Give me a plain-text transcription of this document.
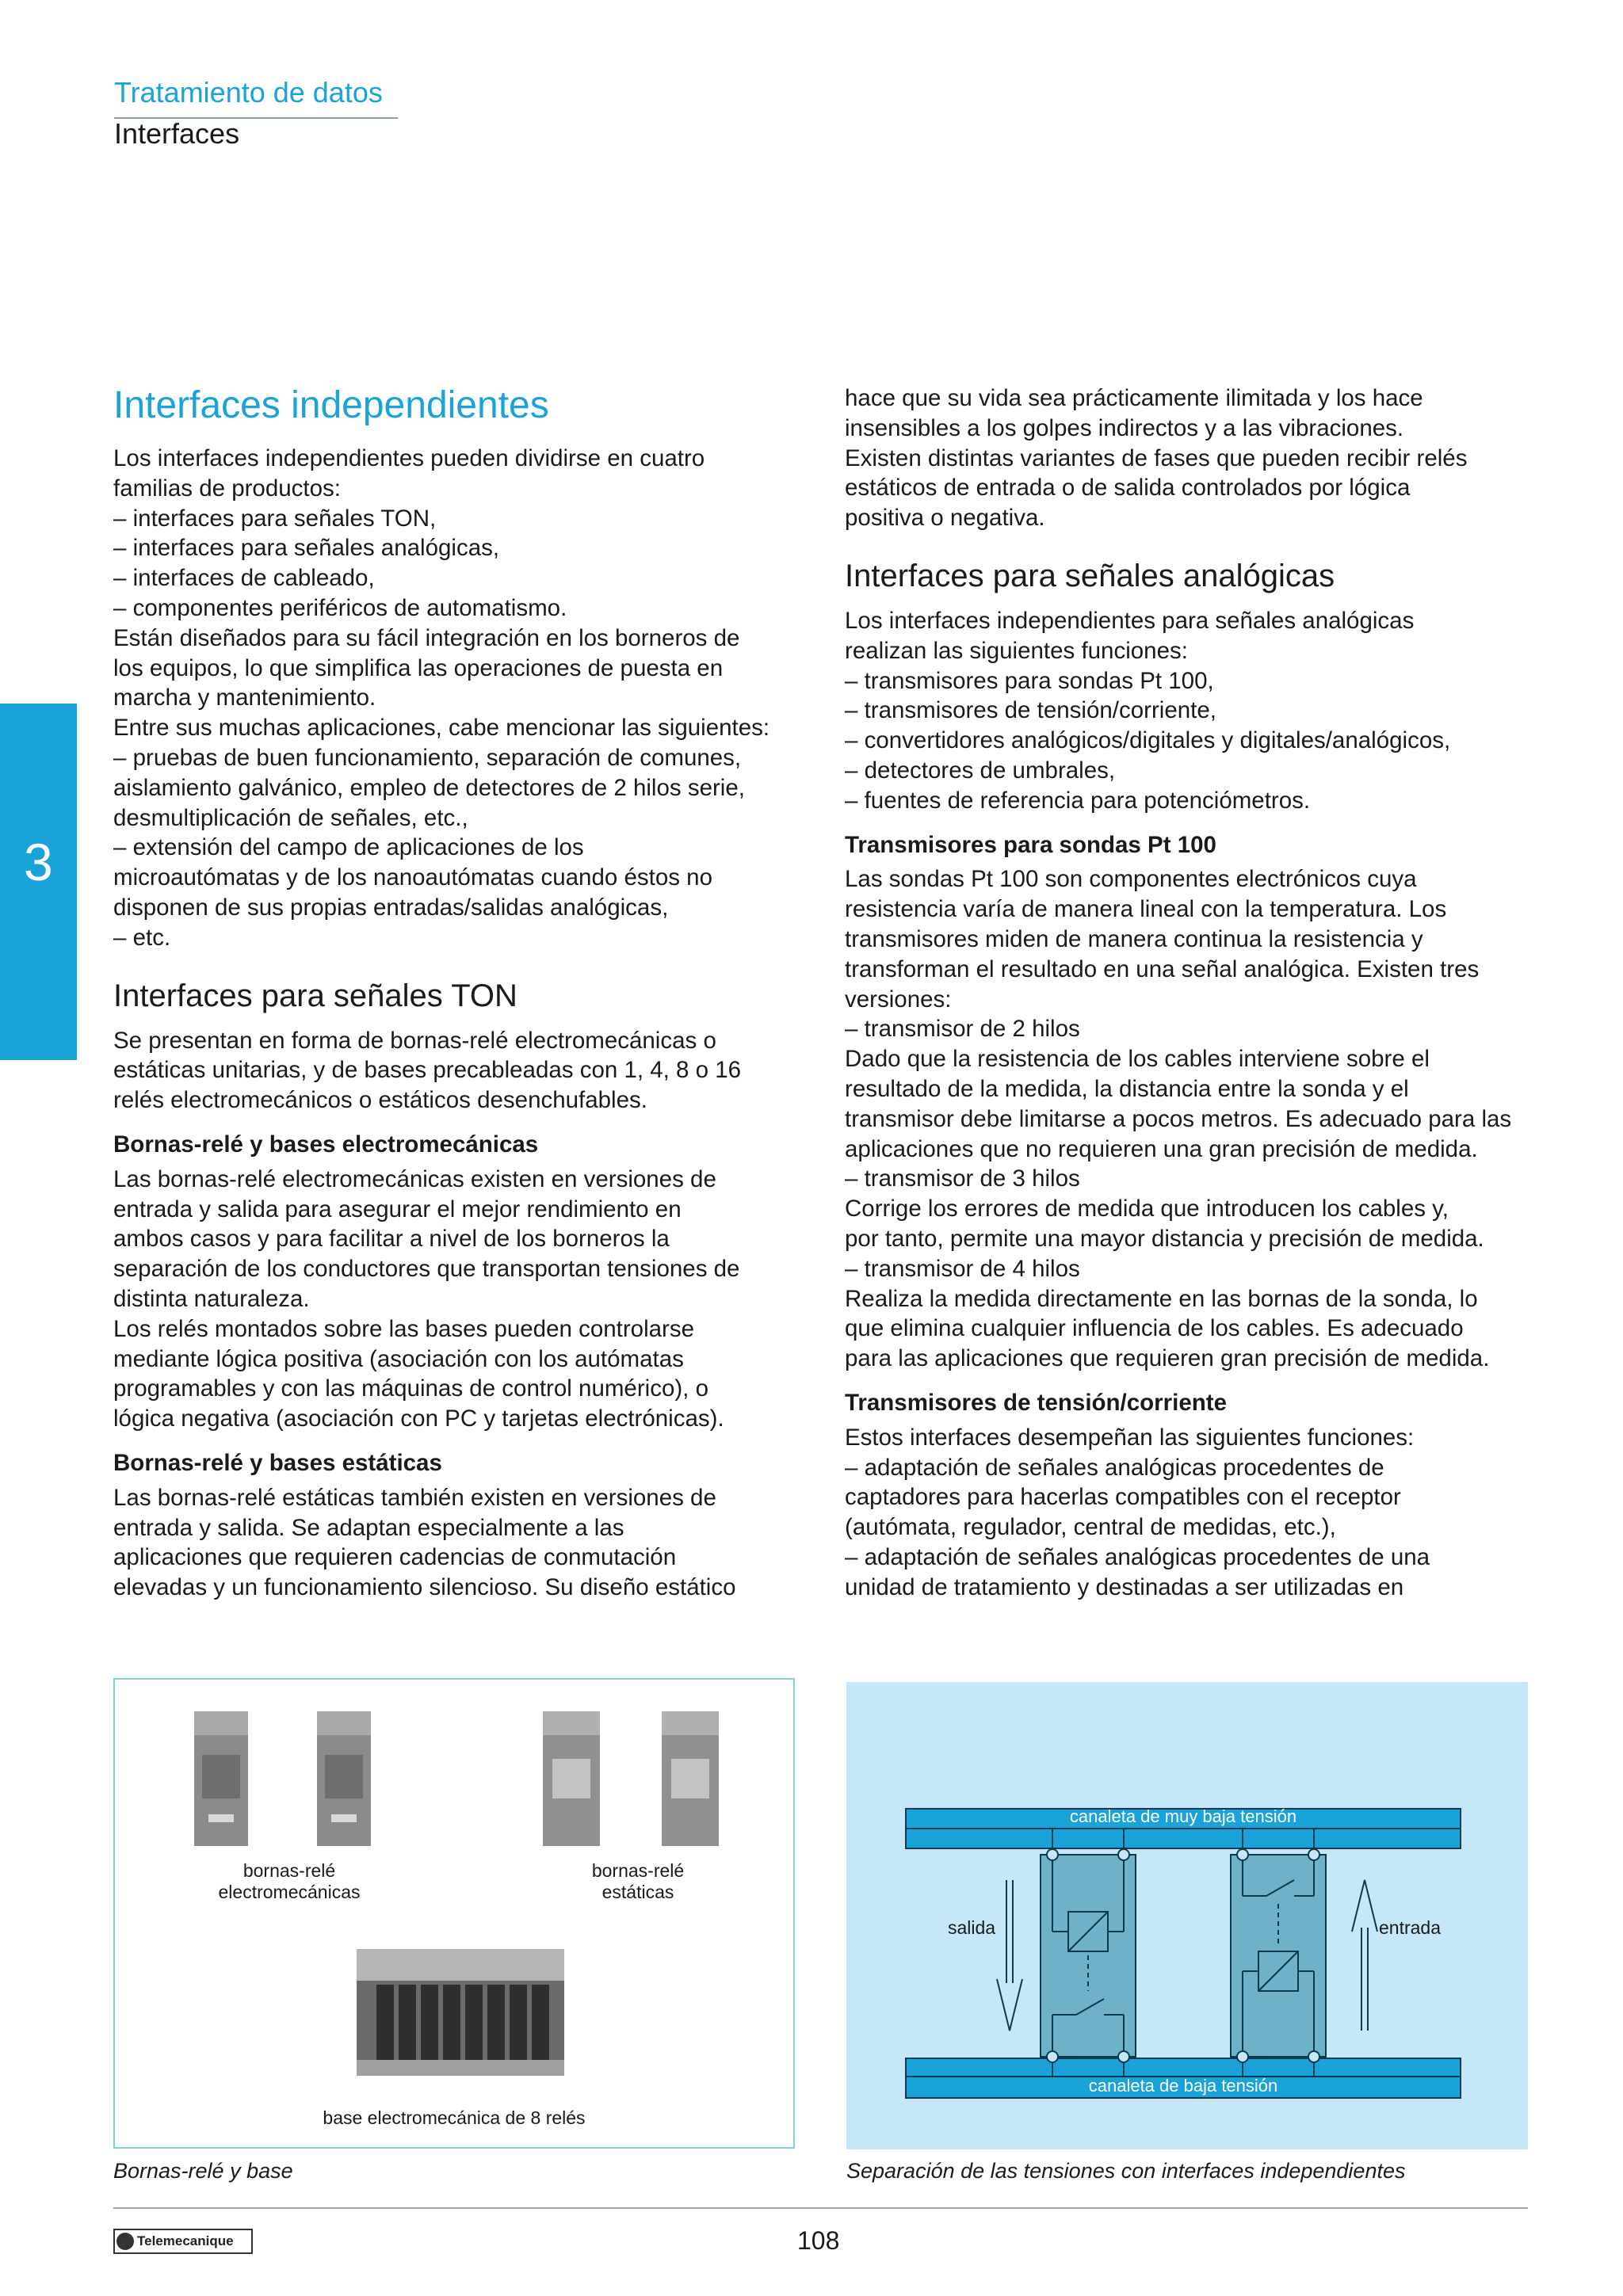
Tratamiento de datos
Interfaces
3
Interfaces independientes

Los interfaces independientes pueden dividirse en cuatro

familias de productos:

– interfaces para señales TON,

– interfaces para señales analógicas,

– interfaces de cableado,

– componentes periféricos de automatismo.

Están diseñados para su fácil integración en los borneros de

los equipos, lo que simplifica las operaciones de puesta en

marcha y mantenimiento.

Entre sus muchas aplicaciones, cabe mencionar las siguientes:

– pruebas de buen funcionamiento, separación de comunes,

aislamiento galvánico, empleo de detectores de 2 hilos serie,

desmultiplicación de señales, etc.,

– extensión del campo de aplicaciones de los

microautómatas y de los nanoautómatas cuando éstos no

disponen de sus propias entradas/salidas analógicas,

– etc.

Interfaces para señales TON

Se presentan en forma de bornas-relé electromecánicas o

estáticas unitarias, y de bases precableadas con 1, 4, 8 o 16

relés electromecánicos o estáticos desenchufables.

Bornas-relé y bases electromecánicas

Las bornas-relé electromecánicas existen en versiones de

entrada y salida para asegurar el mejor rendimiento en

ambos casos y para facilitar a nivel de los borneros la

separación de los conductores que transportan tensiones de

distinta naturaleza.

Los relés montados sobre las bases pueden controlarse

mediante lógica positiva (asociación con los autómatas

programables y con las máquinas de control numérico), o

lógica negativa (asociación con PC y tarjetas electrónicas).

Bornas-relé y bases estáticas

Las bornas-relé estáticas también existen en versiones de

entrada y salida. Se adaptan especialmente a las

aplicaciones que requieren cadencias de conmutación

elevadas y un funcionamiento silencioso. Su diseño estático

hace que su vida sea prácticamente ilimitada y los hace

insensibles a los golpes indirectos y a las vibraciones.

Existen distintas variantes de fases que pueden recibir relés

estáticos de entrada o de salida controlados por lógica

positiva o negativa.

Interfaces para señales analógicas

Los interfaces independientes para señales analógicas

realizan las siguientes funciones:

– transmisores para sondas Pt 100,

– transmisores de tensión/corriente,

– convertidores analógicos/digitales y digitales/analógicos,

– detectores de umbrales,

– fuentes de referencia para potenciómetros.

Transmisores para sondas Pt 100

Las sondas Pt 100 son componentes electrónicos cuya

resistencia varía de manera lineal con la temperatura. Los

transmisores miden de manera continua la resistencia y

transforman el resultado en una señal analógica. Existen tres

versiones:

– transmisor de 2 hilos

Dado que la resistencia de los cables interviene sobre el

resultado de la medida, la distancia entre la sonda y el

transmisor debe limitarse a pocos metros. Es adecuado para las

aplicaciones que no requieren una gran precisión de medida.

– transmisor de 3 hilos

Corrige los errores de medida que introducen los cables y,

por tanto, permite una mayor distancia y precisión de medida.

– transmisor de 4 hilos

Realiza la medida directamente en las bornas de la sonda, lo

que elimina cualquier influencia de los cables. Es adecuado

para las aplicaciones que requieren gran precisión de medida.

Transmisores de tensión/corriente

Estos interfaces desempeñan las siguientes funciones:

– adaptación de señales analógicas procedentes de

captadores para hacerlas compatibles con el receptor

(autómata, regulador, central de medidas, etc.),

– adaptación de señales analógicas procedentes de una

unidad de tratamiento y destinadas a ser utilizadas en

bornas-relé
electromecánicas
bornas-relé
estáticas
base electromecánica de 8 relés
Bornas-relé y base
canaleta de muy baja tensión
canaleta de baja tensión
salida	entrada
Separación de las tensiones con interfaces independientes
Telemecanique	108
